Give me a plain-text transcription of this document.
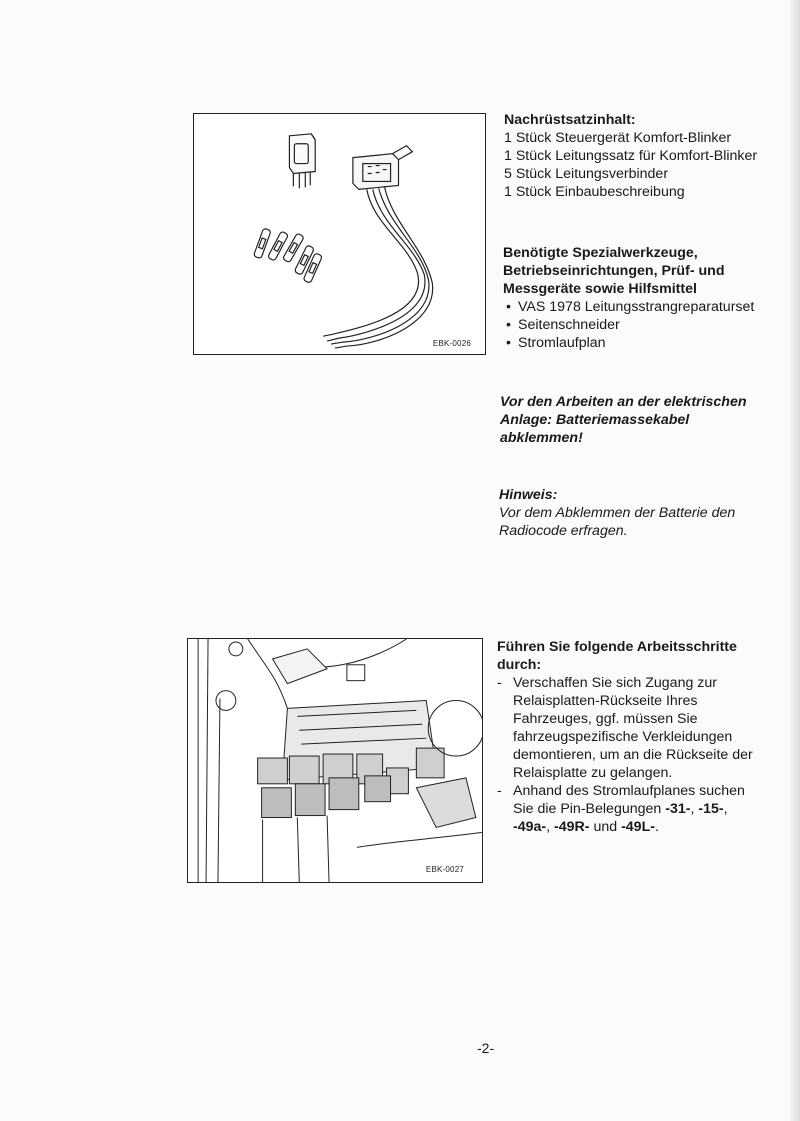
EBK-0026
EBK-0027
Nachrüstsatzinhalt:
1 Stück Steuergerät Komfort-Blinker
1 Stück Leitungssatz für Komfort-Blinker
5 Stück Leitungsverbinder
1 Stück Einbaubeschreibung
Benötigte Spezialwerkzeuge,
Betriebseinrichtungen, Prüf- und
Messgeräte sowie Hilfsmittel
• VAS 1978 Leitungsstrangreparaturset
• Seitenschneider
• Stromlaufplan
Vor den Arbeiten an der elektrischen
Anlage: Batteriemassekabel
abklemmen!
Hinweis:
Vor dem Abklemmen der Batterie den
Radiocode erfragen.
Führen Sie folgende Arbeitsschritte
durch:
- Verschaffen Sie sich Zugang zur
Relaisplatten-Rückseite Ihres
Fahrzeuges, ggf. müssen Sie
fahrzeugspezifische Verkleidungen
demontieren, um an die Rückseite der
Relaisplatte zu gelangen.
- Anhand des Stromlaufplanes suchen
Sie die Pin-Belegungen -31-, -15-,
-49a-, -49R- und -49L-.
-2-
